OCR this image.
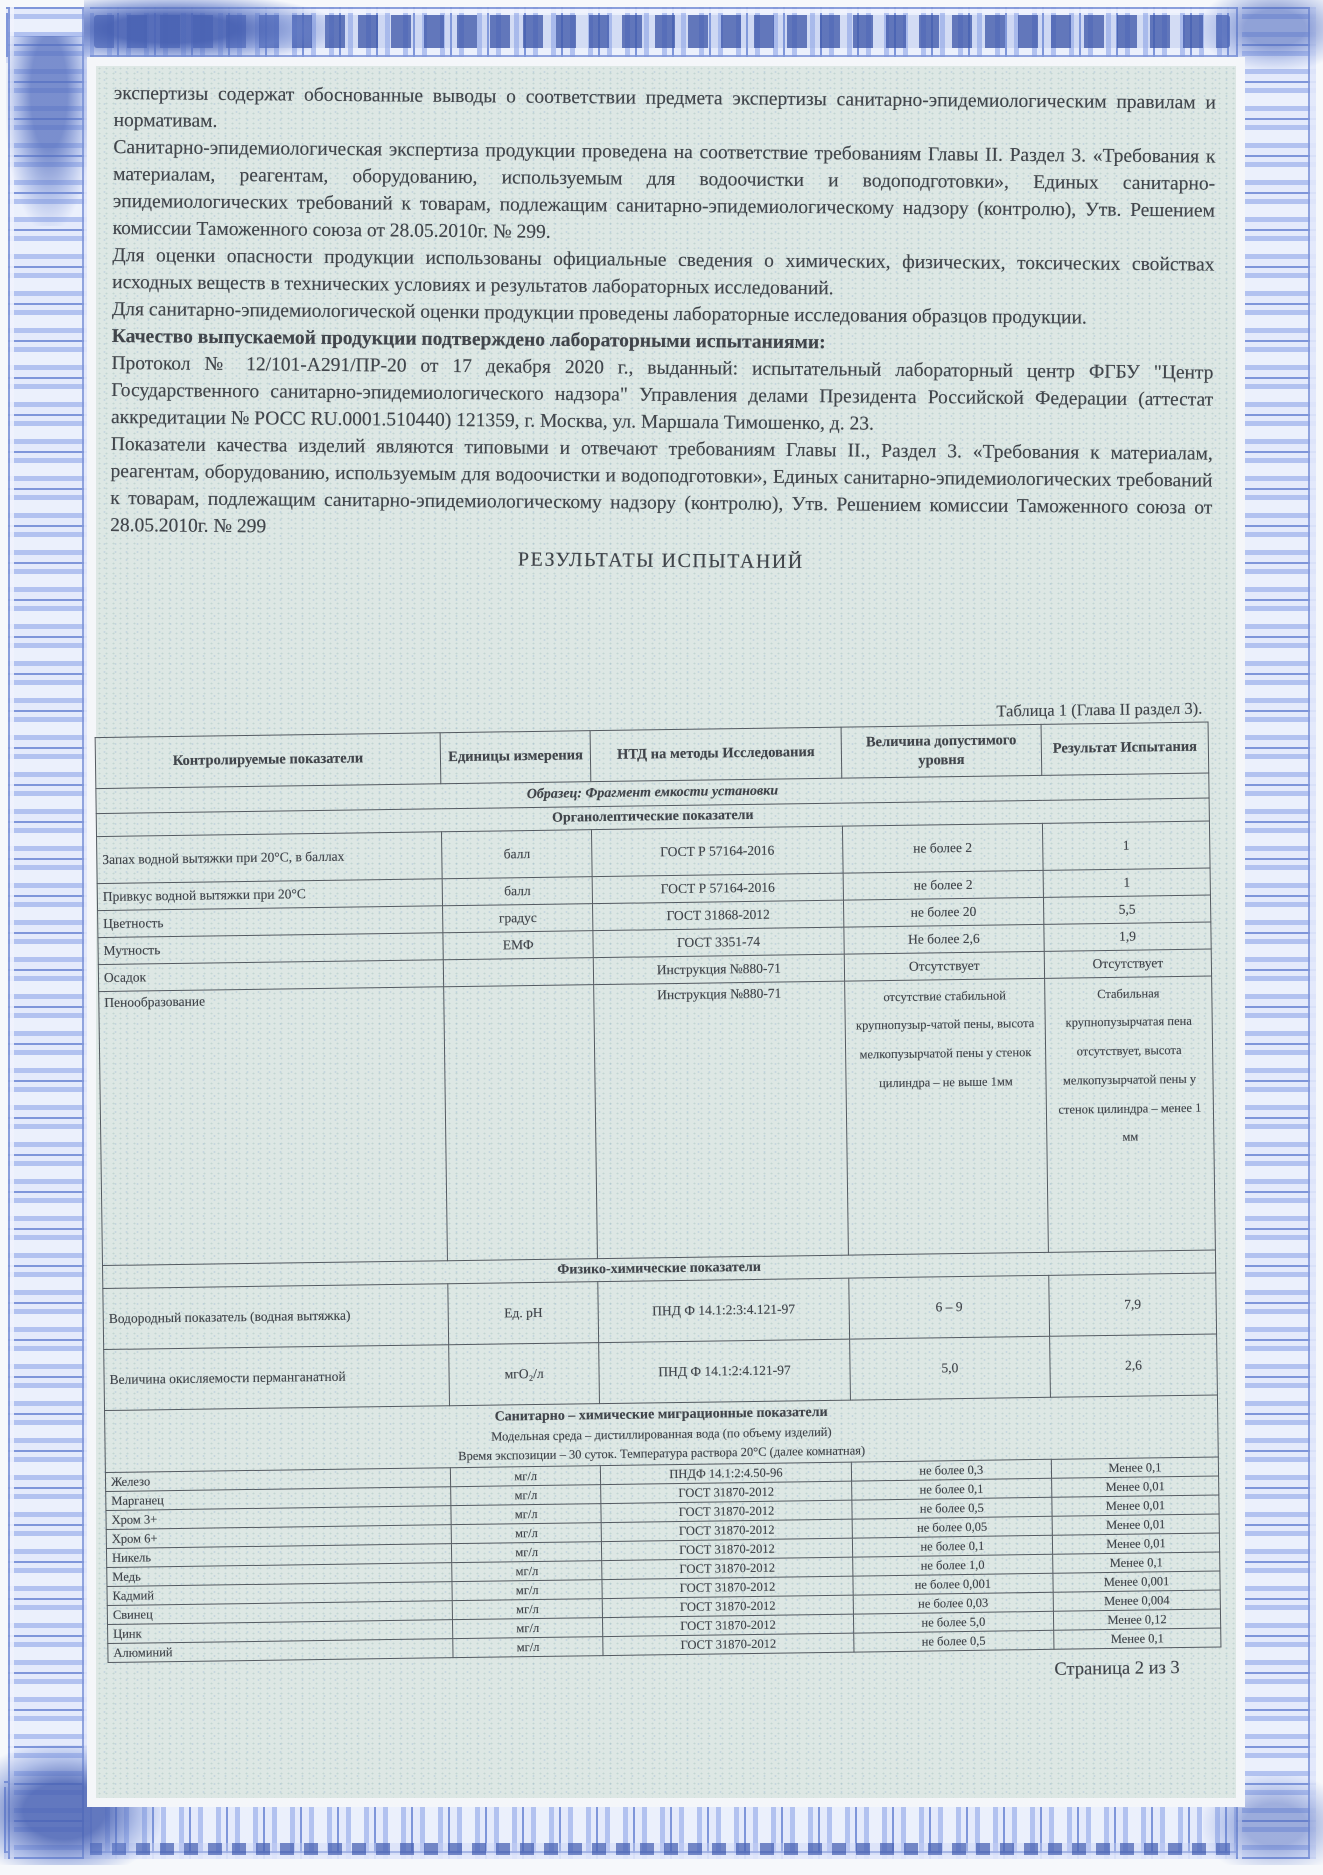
экспертизы содержат обоснованные выводы о соответствии предмета экспертизы санитарно-эпидемиологическим правилам и нормативам.

Санитарно-эпидемиологическая экспертиза продукции проведена на соответствие требованиям Главы II. Раздел 3. «Требования к материалам, реагентам, оборудованию, используемым для водоочистки и водоподготовки», Единых санитарно-эпидемиологических требований к товарам, подлежащим санитарно-эпидемиологическому надзору (контролю), Утв. Решением комиссии Таможенного союза от 28.05.2010г. № 299.

Для оценки опасности продукции использованы официальные сведения о химических, физических, токсических свойствах исходных веществ в технических условиях и результатов лабораторных исследований.

Для санитарно-эпидемиологической оценки продукции проведены лабораторные исследования образцов продукции.

Качество выпускаемой продукции подтверждено лабораторными испытаниями:

Протокол № 12/101-А291/ПР-20 от 17 декабря 2020 г., выданный: испытательный лабораторный центр ФГБУ "Центр Государственного санитарно-эпидемиологического надзора" Управления делами Президента Российской Федерации (аттестат аккредитации № РОСС RU.0001.510440) 121359, г. Москва, ул. Маршала Тимошенко, д. 23.

Показатели качества изделий являются типовыми и отвечают требованиям Главы II., Раздел 3. «Требования к материалам, реагентам, оборудованию, используемым для водоочистки и водоподготовки», Единых санитарно-эпидемиологических требований к товарам, подлежащим санитарно-эпидемиологическому надзору (контролю), Утв. Решением комиссии Таможенного союза от 28.05.2010г. № 299

РЕЗУЛЬТАТЫ ИСПЫТАНИЙ
Таблица 1 (Глава II раздел 3).
Контролируемые показатели	Единицы измерения	НТД на методы Исследования	Величина допустимого уровня	Результат Испытания
Образец: Фрагмент емкости установки				
Органолептические показатели				
Запах водной вытяжки при 20°С, в баллах	балл	ГОСТ Р 57164-2016	не более 2	1
Привкус водной вытяжки при 20°С	балл	ГОСТ Р 57164-2016	не более 2	1
Цветность	градус	ГОСТ 31868-2012	не более 20	5,5
Мутность	ЕМФ	ГОСТ 3351-74	Не более 2,6	1,9
Осадок		Инструкция №880-71	Отсутствует	Отсутствует
Пенообразование		Инструкция №880-71	отсутствие стабильной крупнопузыр-чатой пены, высота мелкопузырчатой пены у стенок цилиндра – не выше 1мм	Стабильная крупнопузырчатая пена отсутствует, высота мелкопузырчатой пены у стенок цилиндра – менее 1 мм
Физико-химические показатели				
Водородный показатель (водная вытяжка)	Ед. pH	ПНД Ф 14.1:2:3:4.121-97	6 – 9	7,9
Величина окисляемости перманганатной	мгО₂/л	ПНД Ф 14.1:2:4.121-97	5,0	2,6

Санитарно – химические миграционные показатели
Модельная среда – дистиллированная вода (по объему изделий)
Время экспозиции – 30 суток. Температура раствора 20°С (далее комнатная)				

Железо	мг/л	ПНДФ 14.1:2:4.50-96	не более 0,3	Менее 0,1
Марганец	мг/л	ГОСТ 31870-2012	не более 0,1	Менее 0,01
Хром 3+	мг/л	ГОСТ 31870-2012	не более 0,5	Менее 0,01
Хром 6+	мг/л	ГОСТ 31870-2012	не более 0,05	Менее 0,01
Никель	мг/л	ГОСТ 31870-2012	не более 0,1	Менее 0,01
Медь	мг/л	ГОСТ 31870-2012	не более 1,0	Менее 0,1
Кадмий	мг/л	ГОСТ 31870-2012	не более 0,001	Менее 0,001
Свинец	мг/л	ГОСТ 31870-2012	не более 0,03	Менее 0,004
Цинк	мг/л	ГОСТ 31870-2012	не более 5,0	Менее 0,12
Алюминий	мг/л	ГОСТ 31870-2012	не более 0,5	Менее 0,1
Страница 2 из 3
